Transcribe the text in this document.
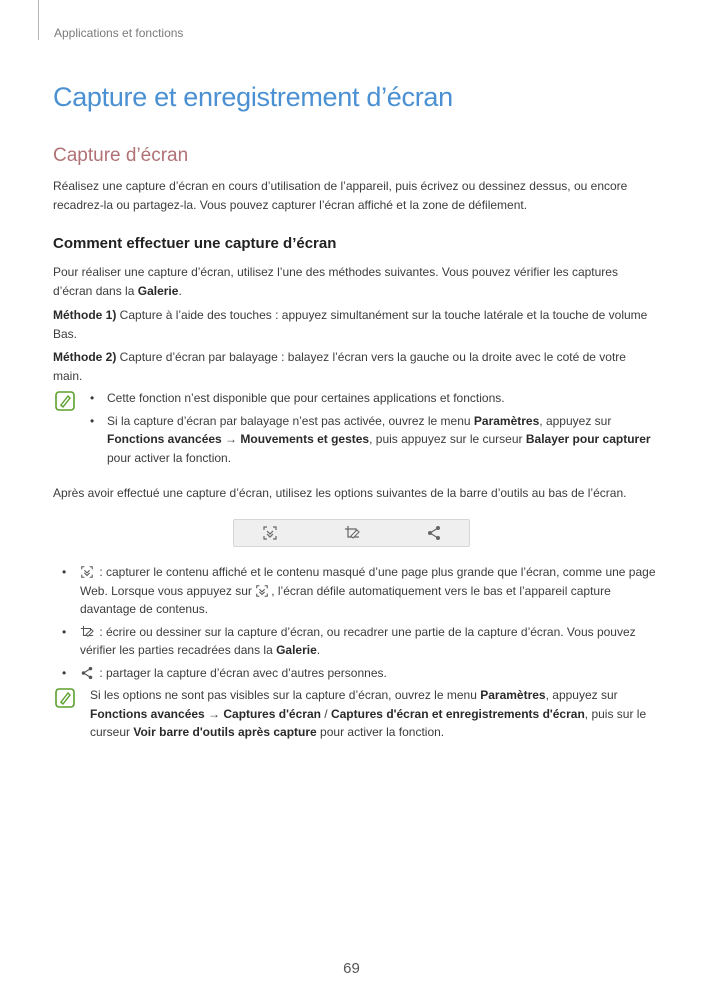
Applications et fonctions
Capture et enregistrement d’écran
Capture d’écran

Réalisez une capture d’écran en cours d’utilisation de l’appareil, puis écrivez ou dessinez dessus, ou encore recadrez-la ou partagez-la. Vous pouvez capturer l’écran affiché et la zone de défilement.

Comment effectuer une capture d’écran

Pour réaliser une capture d’écran, utilisez l’une des méthodes suivantes. Vous pouvez vérifier les captures d’écran dans la Galerie.

Méthode 1) Capture à l’aide des touches : appuyez simultanément sur la touche latérale et la touche de volume Bas.

Méthode 2) Capture d’écran par balayage : balayez l’écran vers la gauche ou la droite avec le coté de votre main.

• Cette fonction n’est disponible que pour certaines applications et fonctions.
• Si la capture d’écran par balayage n’est pas activée, ouvrez le menu Paramètres, appuyez sur Fonctions avancées → Mouvements et gestes, puis appuyez sur le curseur Balayer pour capturer pour activer la fonction.

Après avoir effectué une capture d’écran, utilisez les options suivantes de la barre d’outils au bas de l’écran.

• : capturer le contenu affiché et le contenu masqué d’une page plus grande que l’écran, comme une page Web. Lorsque vous appuyez sur , l’écran défile automatiquement vers le bas et l’appareil capture davantage de contenus.
• : écrire ou dessiner sur la capture d’écran, ou recadrer une partie de la capture d’écran. Vous pouvez vérifier les parties recadrées dans la Galerie.
• : partager la capture d’écran avec d’autres personnes.

Si les options ne sont pas visibles sur la capture d’écran, ouvrez le menu Paramètres, appuyez sur Fonctions avancées → Captures d'écran / Captures d'écran et enregistrements d'écran, puis sur le curseur Voir barre d'outils après capture pour activer la fonction.

69
